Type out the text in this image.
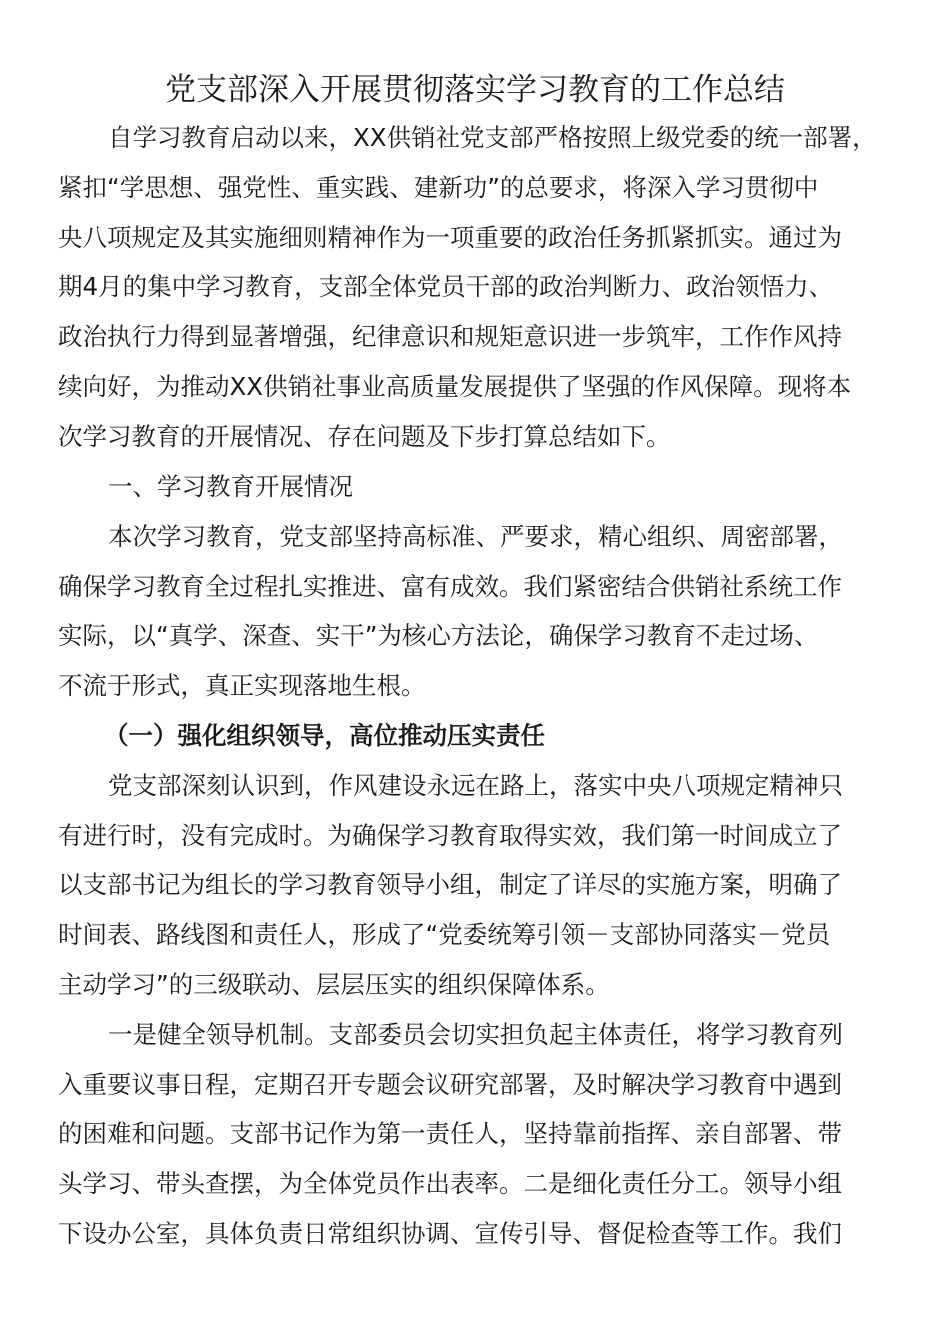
党支部深入开展贯彻落实学习教育的工作总结
自学习教育启动以来，XX供销社党支部严格按照上级党委的统一部署，
紧扣“学思想、强党性、重实践、建新功”的总要求，将深入学习贯彻中
央八项规定及其实施细则精神作为一项重要的政治任务抓紧抓实。通过为
期4月的集中学习教育，支部全体党员干部的政治判断力、政治领悟力、
政治执行力得到显著增强，纪律意识和规矩意识进一步筑牢，工作作风持
续向好，为推动XX供销社事业高质量发展提供了坚强的作风保障。现将本
次学习教育的开展情况、存在问题及下步打算总结如下。
一、学习教育开展情况
本次学习教育，党支部坚持高标准、严要求，精心组织、周密部署，
确保学习教育全过程扎实推进、富有成效。我们紧密结合供销社系统工作
实际，以“真学、深查、实干”为核心方法论，确保学习教育不走过场、
不流于形式，真正实现落地生根。
（一）强化组织领导，高位推动压实责任
党支部深刻认识到，作风建设永远在路上，落实中央八项规定精神只
有进行时，没有完成时。为确保学习教育取得实效，我们第一时间成立了
以支部书记为组长的学习教育领导小组，制定了详尽的实施方案，明确了
时间表、路线图和责任人，形成了“党委统筹引领－支部协同落实－党员
主动学习”的三级联动、层层压实的组织保障体系。
一是健全领导机制。支部委员会切实担负起主体责任，将学习教育列
入重要议事日程，定期召开专题会议研究部署，及时解决学习教育中遇到
的困难和问题。支部书记作为第一责任人，坚持靠前指挥、亲自部署、带
头学习、带头查摆，为全体党员作出表率。二是细化责任分工。领导小组
下设办公室，具体负责日常组织协调、宣传引导、督促检查等工作。我们
